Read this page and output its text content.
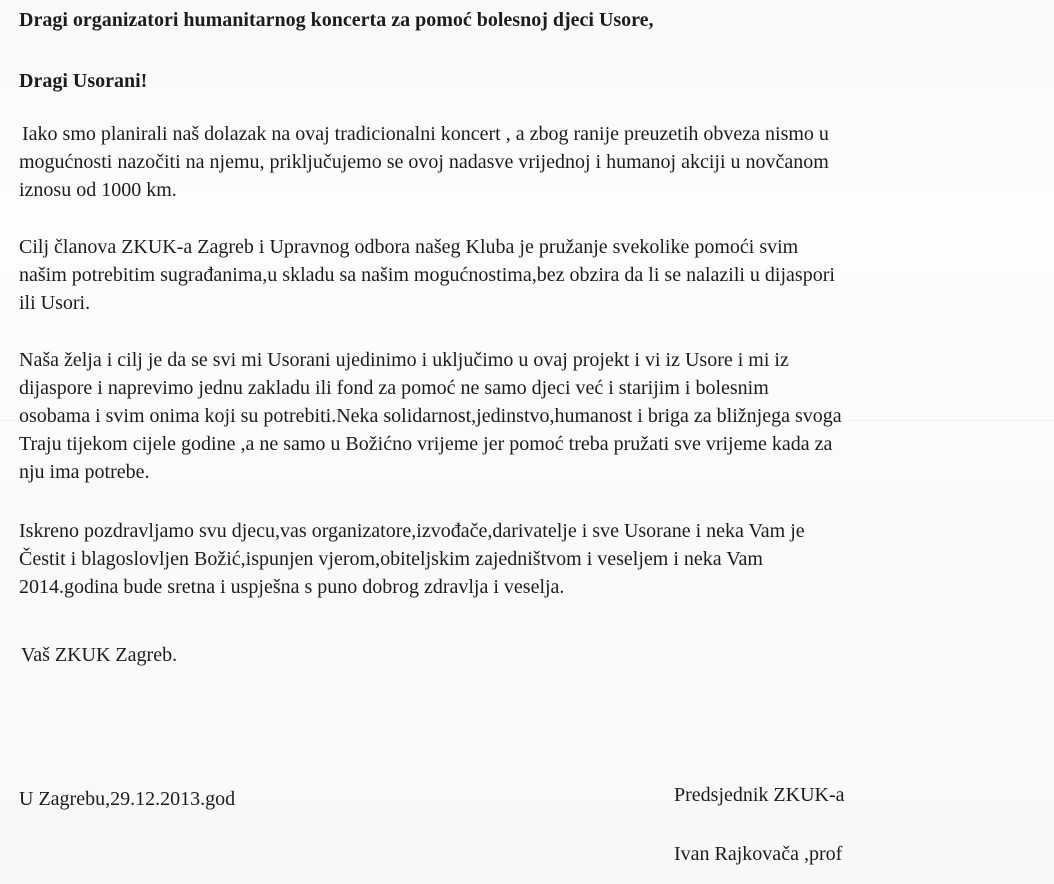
Dragi organizatori humanitarnog koncerta za pomoć bolesnoj djeci Usore,
Dragi Usorani!
Iako smo planirali naš dolazak na ovaj tradicionalni koncert , a zbog ranije preuzetih obveza nismo u
mogućnosti nazočiti na njemu, priključujemo se ovoj nadasve vrijednoj i humanoj akciji u novčanom
iznosu od 1000 km.
Cilj članova ZKUK-a Zagreb i Upravnog odbora našeg Kluba je pružanje svekolike pomoći svim
našim potrebitim sugrađanima,u skladu sa našim mogućnostima,bez obzira da li se nalazili u dijaspori
ili Usori.
Naša želja i cilj je da se svi mi Usorani ujedinimo i uključimo u ovaj projekt i vi iz Usore i mi iz
dijaspore i naprevimo jednu zakladu ili fond za pomoć ne samo djeci već i starijim i bolesnim
osobama i svim onima koji su potrebiti.Neka solidarnost,jedinstvo,humanost i briga za bližnjega svoga
Traju tijekom cijele godine ,a ne samo u Božićno vrijeme jer pomoć treba pružati sve vrijeme kada za
nju ima potrebe.
Iskreno pozdravljamo svu djecu,vas organizatore,izvođače,darivatelje i sve Usorane i neka Vam je
Čestit i blagoslovljen Božić,ispunjen vjerom,obiteljskim zajedništvom i veseljem i neka Vam
2014.godina bude sretna i uspješna s puno dobrog zdravlja i veselja.
Vaš ZKUK Zagreb.
U Zagrebu,29.12.2013.god	Predsjednik ZKUK-a
Ivan Rajkovača ,prof
